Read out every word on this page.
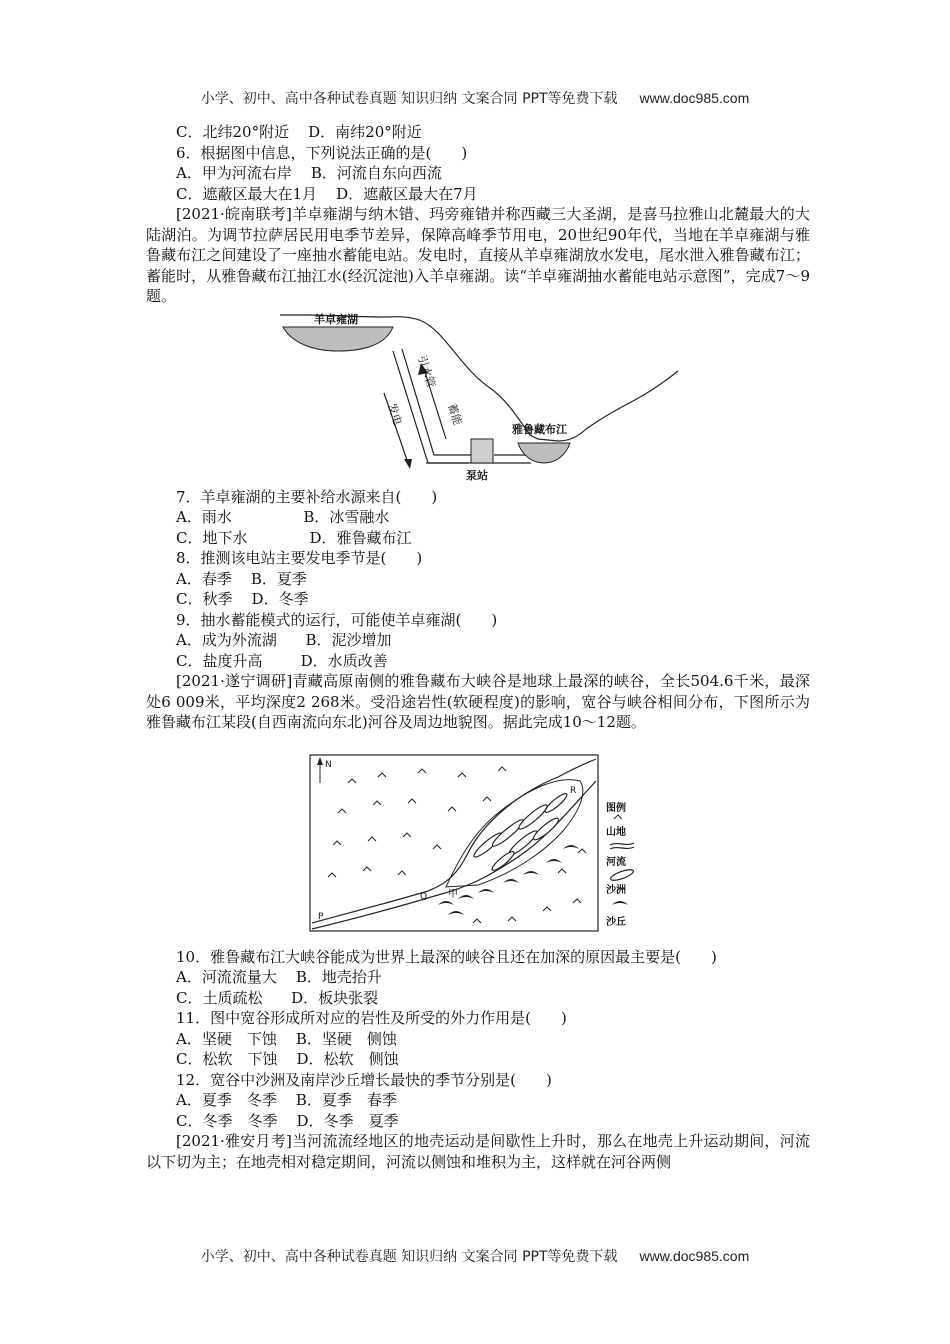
小学、初中、高中各种试卷真题 知识归纳 文案合同 PPT等免费下载 www.doc985.com

C．北纬20°附近    D．南纬20°附近

6．根据图中信息，下列说法正确的是(　　)

A．甲为河流右岸    B．河流自东向西流

C．遮蔽区最大在1月    D．遮蔽区最大在7月

[2021·皖南联考]羊卓雍湖与纳木错、玛旁雍错并称西藏三大圣湖，是喜马拉雅山北麓最大的大陆湖泊。为调节拉萨居民用电季节差异，保障高峰季节用电，20世纪90年代，当地在羊卓雍湖与雅鲁藏布江之间建设了一座抽水蓄能电站。发电时，直接从羊卓雍湖放水发电，尾水泄入雅鲁藏布江；蓄能时，从雅鲁藏布江抽江水(经沉淀池)入羊卓雍湖。读“羊卓雍湖抽水蓄能电站示意图”，完成7～9题。

羊卓雍湖
引水管
发电	蓄能
雅鲁藏布江
泵站

7．羊卓雍湖的主要补给水源来自(　　)

A．雨水               B．冰雪融水

C．地下水             D．雅鲁藏布江

8．推测该电站主要发电季节是(　　)

A．春季    B．夏季

C．秋季    D．冬季

9．抽水蓄能模式的运行，可能使羊卓雍湖(　　)

A．成为外流湖      B．泥沙增加

C．盐度升高        D．水质改善

[2021·遂宁调研]青藏高原南侧的雅鲁藏布大峡谷是地球上最深的峡谷，全长504.6千米，最深处6 009米，平均深度2 268米。受沿途岩性(软硬程度)的影响，宽谷与峡谷相间分布，下图所示为雅鲁藏布江某段(自西南流向东北)河谷及周边地貌图。据此完成10～12题。

N
P
Q
R
甲
图例
山地
河流
沙洲
沙丘

10．雅鲁藏布江大峡谷能成为世界上最深的峡谷且还在加深的原因最主要是(　　)

A．河流流量大    B．地壳抬升

C．土质疏松      D．板块张裂

11．图中宽谷形成所对应的岩性及所受的外力作用是(　　)

A．坚硬　下蚀    B．坚硬　侧蚀

C．松软　下蚀    D．松软　侧蚀

12．宽谷中沙洲及南岸沙丘增长最快的季节分别是(　　)

A．夏季　冬季    B．夏季　春季

C．冬季　冬季    D．冬季　夏季

[2021·雅安月考]当河流流经地区的地壳运动是间歇性上升时，那么在地壳上升运动期间，河流以下切为主；在地壳相对稳定期间，河流以侧蚀和堆积为主，这样就在河谷两侧

小学、初中、高中各种试卷真题 知识归纳 文案合同 PPT等免费下载 www.doc985.com
